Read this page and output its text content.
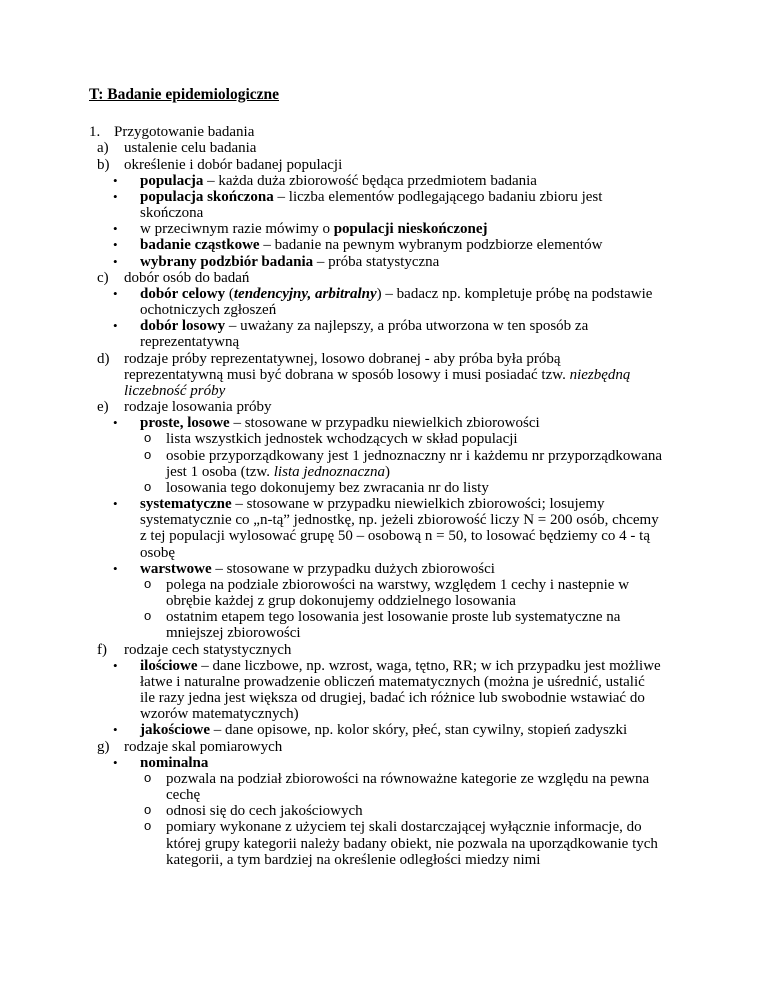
T: Badanie epidemiologiczne
1. Przygotowanie badania
a) ustalenie celu badania
b) określenie i dobór badanej populacji
• populacja – każda duża zbiorowość będąca przedmiotem badania
• populacja skończona – liczba elementów podlegającego badaniu zbioru jest
skończona
• w przeciwnym razie mówimy o populacji nieskończonej
• badanie cząstkowe – badanie na pewnym wybranym podzbiorze elementów
• wybrany podzbiór badania – próba statystyczna
c) dobór osób do badań
• dobór celowy (tendencyjny, arbitralny) – badacz np. kompletuje próbę na podstawie
ochotniczych zgłoszeń
• dobór losowy – uważany za najlepszy, a próba utworzona w ten sposób za
reprezentatywną
d) rodzaje próby reprezentatywnej, losowo dobranej - aby próba była próbą
reprezentatywną musi być dobrana w sposób losowy i musi posiadać tzw. niezbędną
liczebność próby
e) rodzaje losowania próby
• proste, losowe – stosowane w przypadku niewielkich zbiorowości
o lista wszystkich jednostek wchodzących w skład populacji
o osobie przyporządkowany jest 1 jednoznaczny nr i każdemu nr przyporządkowana
jest 1 osoba (tzw. lista jednoznaczna)
o losowania tego dokonujemy bez zwracania nr do listy
• systematyczne – stosowane w przypadku niewielkich zbiorowości; losujemy
systematycznie co „n-tą” jednostkę, np. jeżeli zbiorowość liczy N = 200 osób, chcemy
z tej populacji wylosować grupę 50 – osobową n = 50, to losować będziemy co 4 - tą
osobę
• warstwowe – stosowane w przypadku dużych zbiorowości
o polega na podziale zbiorowości na warstwy, względem 1 cechy i nastepnie w
obrębie każdej z grup dokonujemy oddzielnego losowania
o ostatnim etapem tego losowania jest losowanie proste lub systematyczne na
mniejszej zbiorowości
f) rodzaje cech statystycznych
• ilościowe – dane liczbowe, np. wzrost, waga, tętno, RR; w ich przypadku jest możliwe
łatwe i naturalne prowadzenie obliczeń matematycznych (można je uśrednić, ustalić
ile razy jedna jest większa od drugiej, badać ich różnice lub swobodnie wstawiać do
wzorów matematycznych)
• jakościowe – dane opisowe, np. kolor skóry, płeć, stan cywilny, stopień zadyszki
g) rodzaje skal pomiarowych
• nominalna
o pozwala na podział zbiorowości na równoważne kategorie ze względu na pewna
cechę
o odnosi się do cech jakościowych
o pomiary wykonane z użyciem tej skali dostarczającej wyłącznie informacje, do
której grupy kategorii należy badany obiekt, nie pozwala na uporządkowanie tych
kategorii, a tym bardziej na określenie odległości miedzy nimi
